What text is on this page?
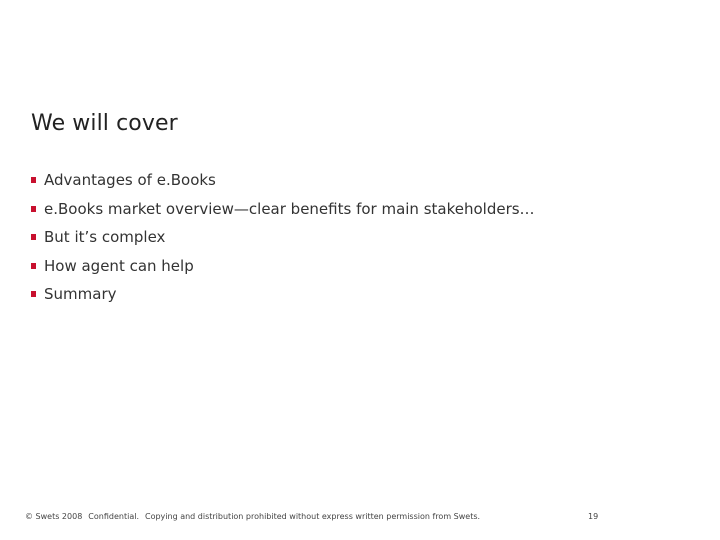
We will cover
Advantages of e.Books
e.Books market overview—clear benefits for main stakeholders…
But it’s complex
How agent can help
Summary
© Swets 2008 Confidential. Copying and distribution prohibited without express written permission from Swets.	19
